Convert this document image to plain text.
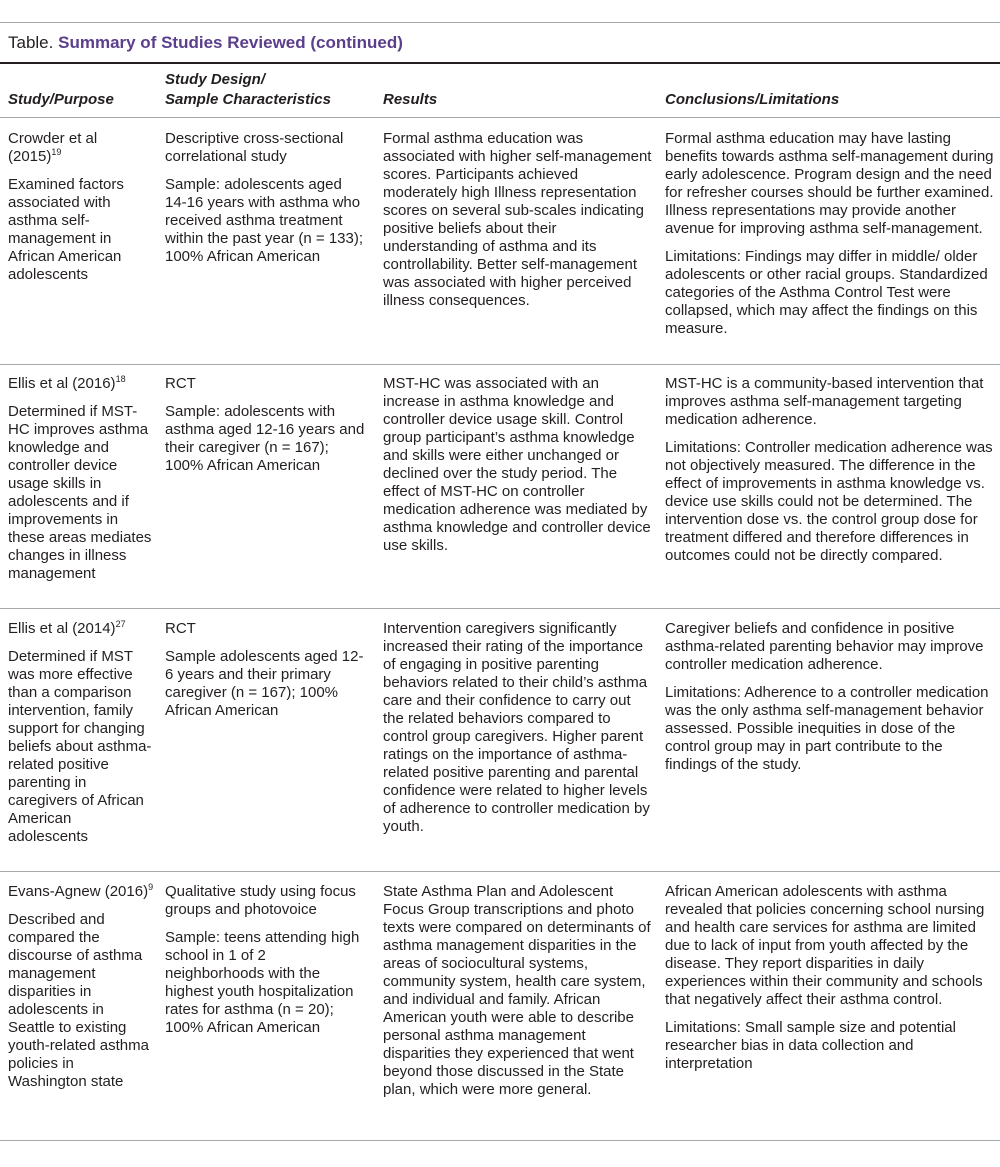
Table. Summary of Studies Reviewed (continued)
Study/Purpose
Study Design/
Sample Characteristics	Results	Conclusions/Limitations

Crowder et al $(2015)^{19}$

Examined factors associated with asthma self-management in African American adolescents

Descriptive cross-sectional correlational study

Sample: adolescents aged 14-16 years with asthma who received asthma treatment within the past year (n = 133); 100% African American

Formal asthma education was associated with higher self-management scores. Participants achieved moderately high Illness representation scores on several sub-scales indicating positive beliefs about their understanding of asthma and its controllability. Better self-management was associated with higher perceived illness consequences.

Formal asthma education may have lasting benefits towards asthma self-management during early adolescence. Program design and the need for refresher courses should be further examined. Illness representations may provide another avenue for improving asthma self-management.

Limitations: Findings may differ in middle/ older adolescents or other racial groups. Standardized categories of the Asthma Control Test were collapsed, which may affect the findings on this measure.

Ellis et al $(2016)^{18}$

Determined if MST-HC improves asthma knowledge and controller device usage skills in adolescents and if improvements in these areas mediates changes in illness management

RCT

Sample: adolescents with asthma aged 12-16 years and their caregiver (n = 167); 100% African American

MST-HC was associated with an increase in asthma knowledge and controller device usage skill. Control group participant’s asthma knowledge and skills were either unchanged or declined over the study period. The effect of MST-HC on controller medication adherence was mediated by asthma knowledge and controller device use skills.

MST-HC is a community-based intervention that improves asthma self-management targeting medication adherence.

Limitations: Controller medication adherence was not objectively measured. The difference in the effect of improvements in asthma knowledge vs. device use skills could not be determined. The intervention dose vs. the control group dose for treatment differed and therefore differences in outcomes could not be directly compared.

Ellis et al $(2014)^{27}$

Determined if MST was more effective than a comparison intervention, family support for changing beliefs about asthma-related positive parenting in caregivers of African American adolescents

RCT

Sample adolescents aged 12-6 years and their primary caregiver (n = 167); 100% African American

Intervention caregivers significantly increased their rating of the importance of engaging in positive parenting behaviors related to their child’s asthma care and their confidence to carry out the related behaviors compared to control group caregivers. Higher parent ratings on the importance of asthma-related positive parenting and parental confidence were related to higher levels of adherence to controller medication by youth.

Caregiver beliefs and confidence in positive asthma-related parenting behavior may improve controller medication adherence.

Limitations: Adherence to a controller medication was the only asthma self-management behavior assessed. Possible inequities in dose of the control group may in part contribute to the findings of the study.

Evans-Agnew $(2016)^9$

Described and compared the discourse of asthma management disparities in adolescents in Seattle to existing youth-related asthma policies in Washington state

Qualitative study using focus groups and photovoice

Sample: teens attending high school in 1 of 2 neighborhoods with the highest youth hospitalization rates for asthma (n = 20); 100% African American

State Asthma Plan and Adolescent Focus Group transcriptions and photo texts were compared on determinants of asthma management disparities in the areas of sociocultural systems, community system, health care system, and individual and family. African American youth were able to describe personal asthma management disparities they experienced that went beyond those discussed in the State plan, which were more general.

African American adolescents with asthma revealed that policies concerning school nursing and health care services for asthma are limited due to lack of input from youth affected by the disease. They report disparities in daily experiences within their community and schools that negatively affect their asthma control.

Limitations: Small sample size and potential researcher bias in data collection and interpretation
